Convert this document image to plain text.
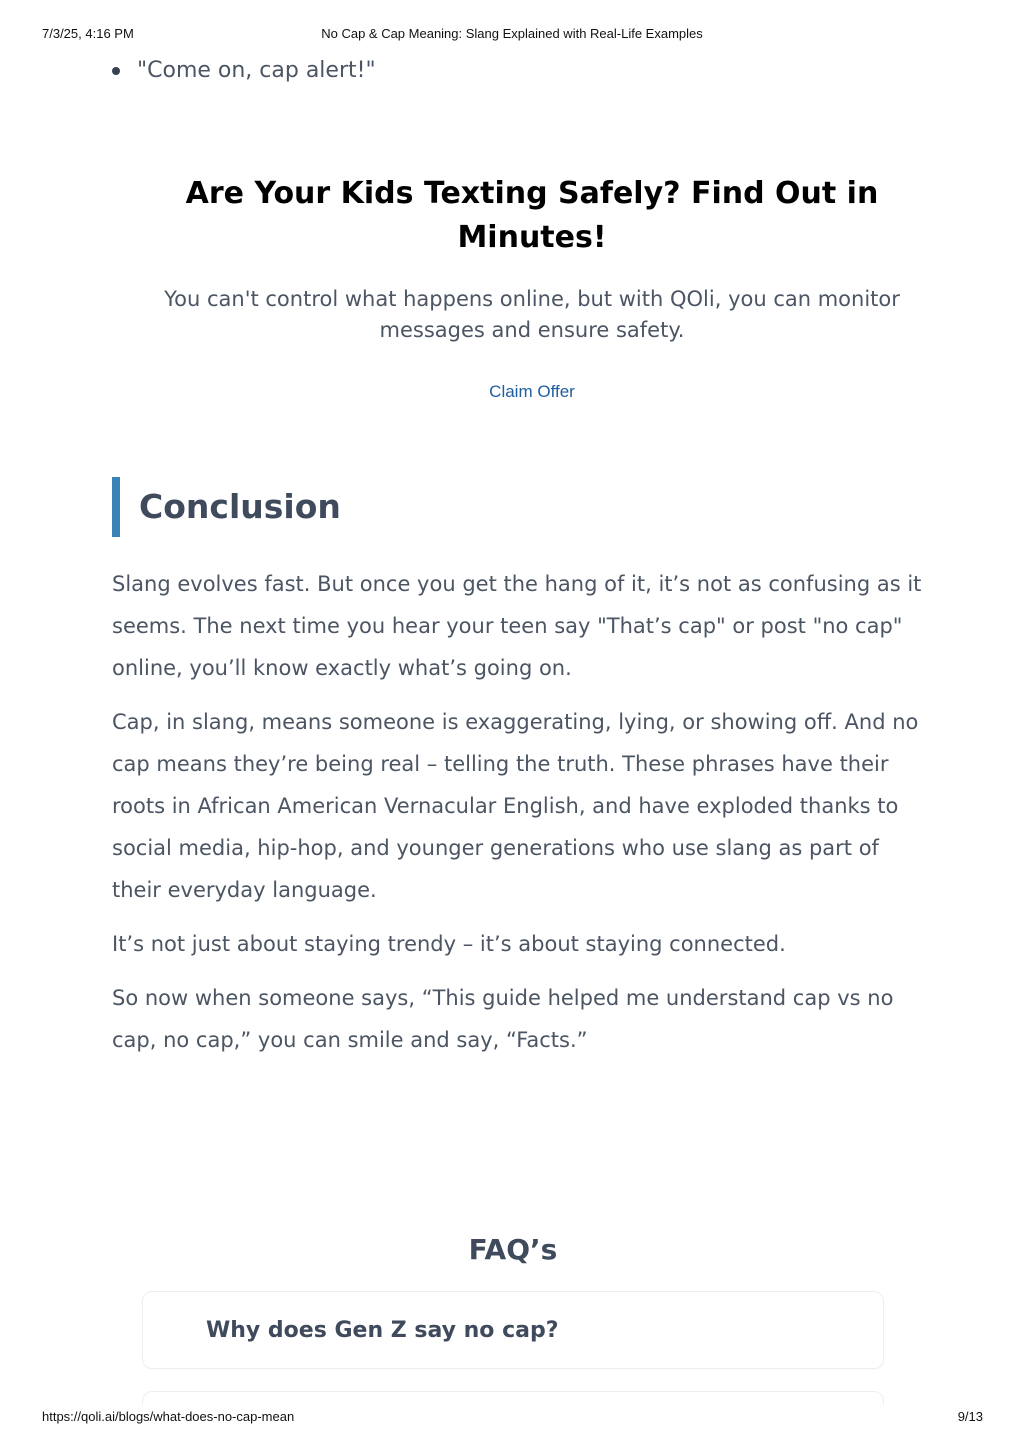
7/3/25, 4:16 PM	No Cap & Cap Meaning: Slang Explained with Real-Life Examples
"Come on, cap alert!"
Are Your Kids Texting Safely? Find Out in Minutes!

You can't control what happens online, but with QOli, you can monitor messages and ensure safety.

Claim Offer
Conclusion

Slang evolves fast. But once you get the hang of it, it’s not as confusing as it seems. The next time you hear your teen say "That’s cap" or post "no cap" online, you’ll know exactly what’s going on.

Cap, in slang, means someone is exaggerating, lying, or showing off. And no cap means they’re being real – telling the truth. These phrases have their roots in African American Vernacular English, and have exploded thanks to social media, hip-hop, and younger generations who use slang as part of their everyday language.

It’s not just about staying trendy – it’s about staying connected.

So now when someone says, “This guide helped me understand cap vs no cap, no cap,” you can smile and say, “Facts.”

FAQ’s
Why does Gen Z say no cap?
https://qoli.ai/blogs/what-does-no-cap-mean	9/13
